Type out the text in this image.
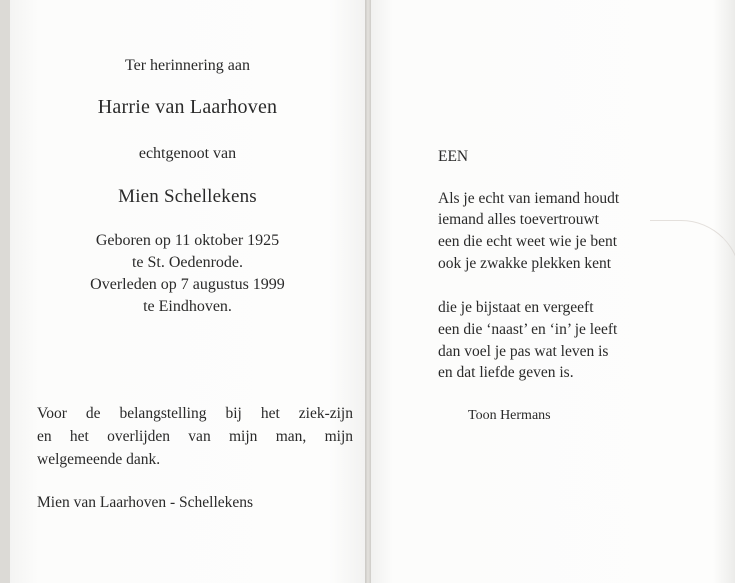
Ter herinnering aan
Harrie van Laarhoven
echtgenoot van
Mien Schellekens
Geboren op 11 oktober 1925
te St. Oedenrode.
Overleden op 7 augustus 1999
te Eindhoven.
Voor de belangstelling bij het ziek-zijn
en het overlijden van mijn man, mijn
welgemeende dank.
Mien van Laarhoven - Schellekens
EEN
Als je echt van iemand houdt
iemand alles toevertrouwt
een die echt weet wie je bent
ook je zwakke plekken kent
die je bijstaat en vergeeft
een die ‘naast’ en ‘in’ je leeft
dan voel je pas wat leven is
en dat liefde geven is.
Toon Hermans
